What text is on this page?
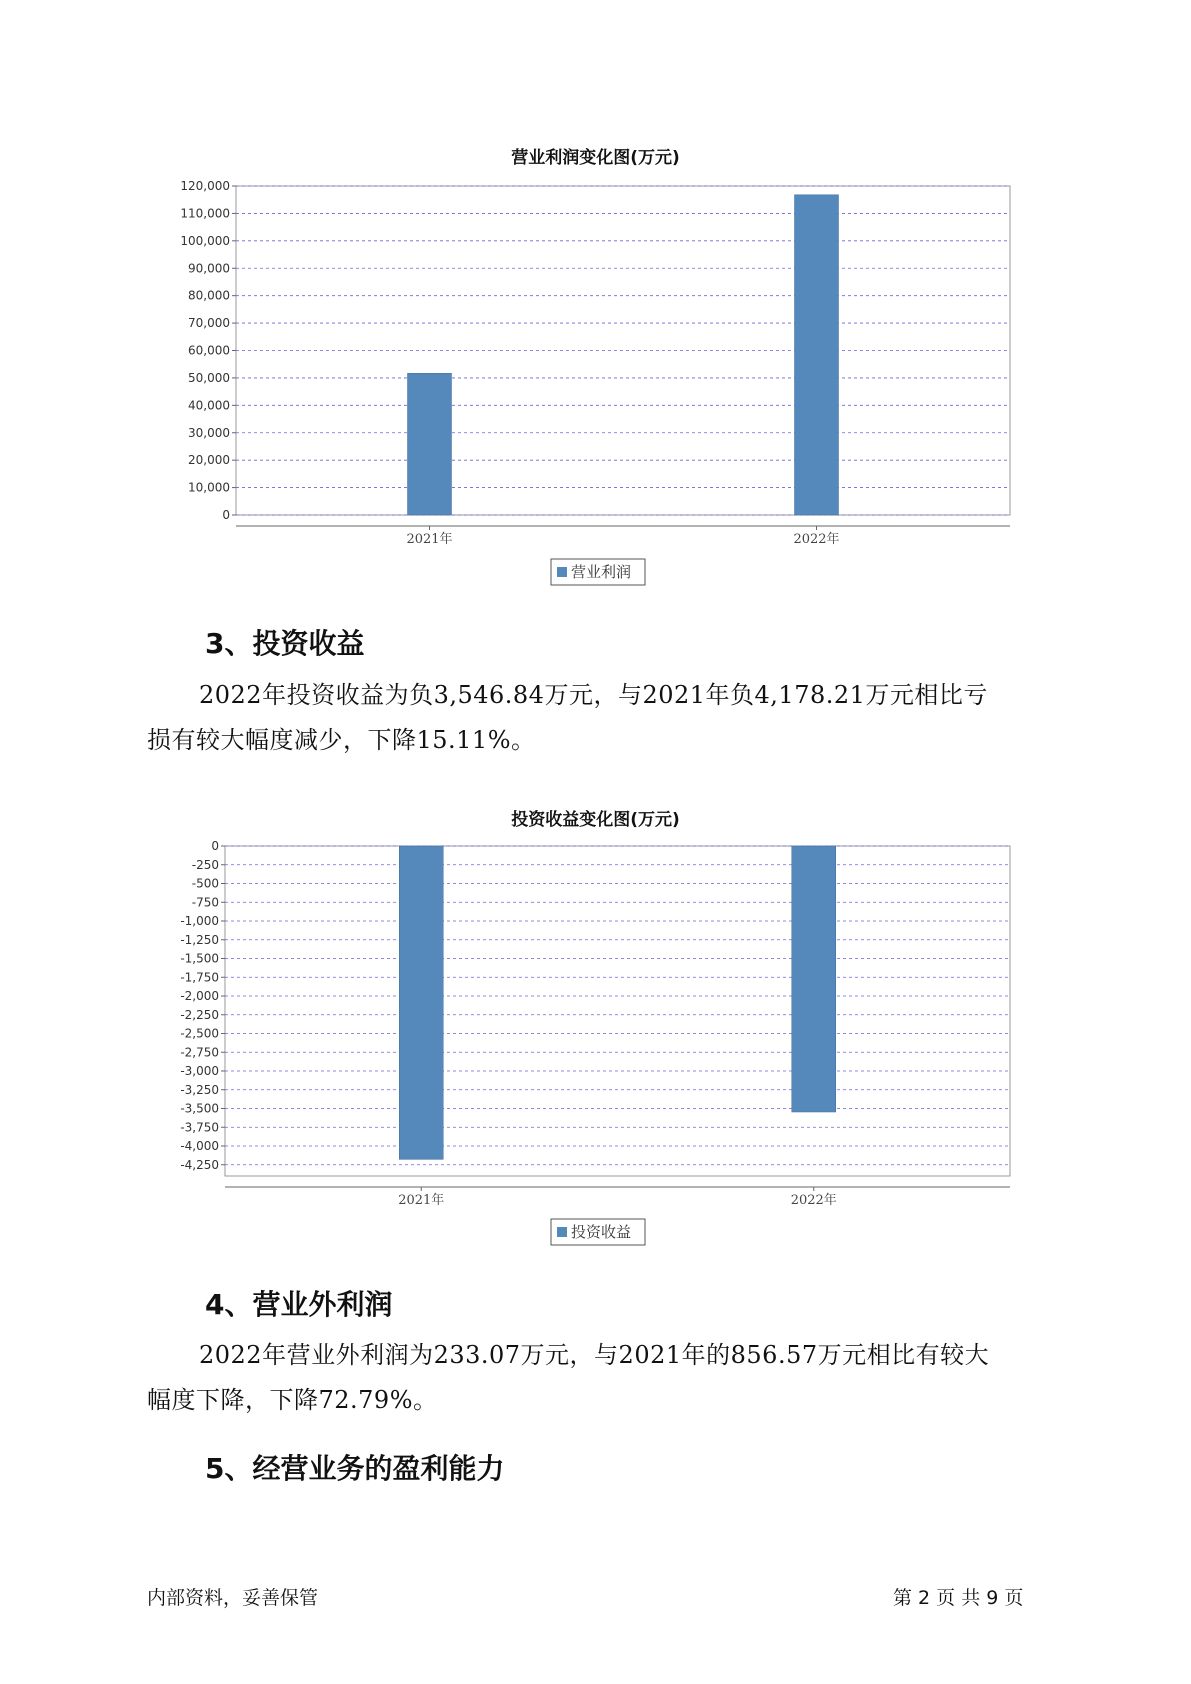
营业利润变化图(万元)
0
10,000
20,000
30,000
40,000
50,000
60,000
70,000
80,000
90,000
100,000
110,000
120,000
2021年	2022年
营业利润
3、投资收益
2022年投资收益为负3,546.84万元，与2021年负4,178.21万元相比亏
损有较大幅度减少，下降15.11%。
投资收益变化图(万元)
0
-250
-500
-750
-1,000
-1,250
-1,500
-1,750
-2,000
-2,250
-2,500
-2,750
-3,000
-3,250
-3,500
-3,750
-4,000
-4,250
2021年	2022年
投资收益
4、营业外利润
2022年营业外利润为233.07万元，与2021年的856.57万元相比有较大
幅度下降，下降72.79%。
5、经营业务的盈利能力
内部资料，妥善保管	第 2 页 共 9 页
